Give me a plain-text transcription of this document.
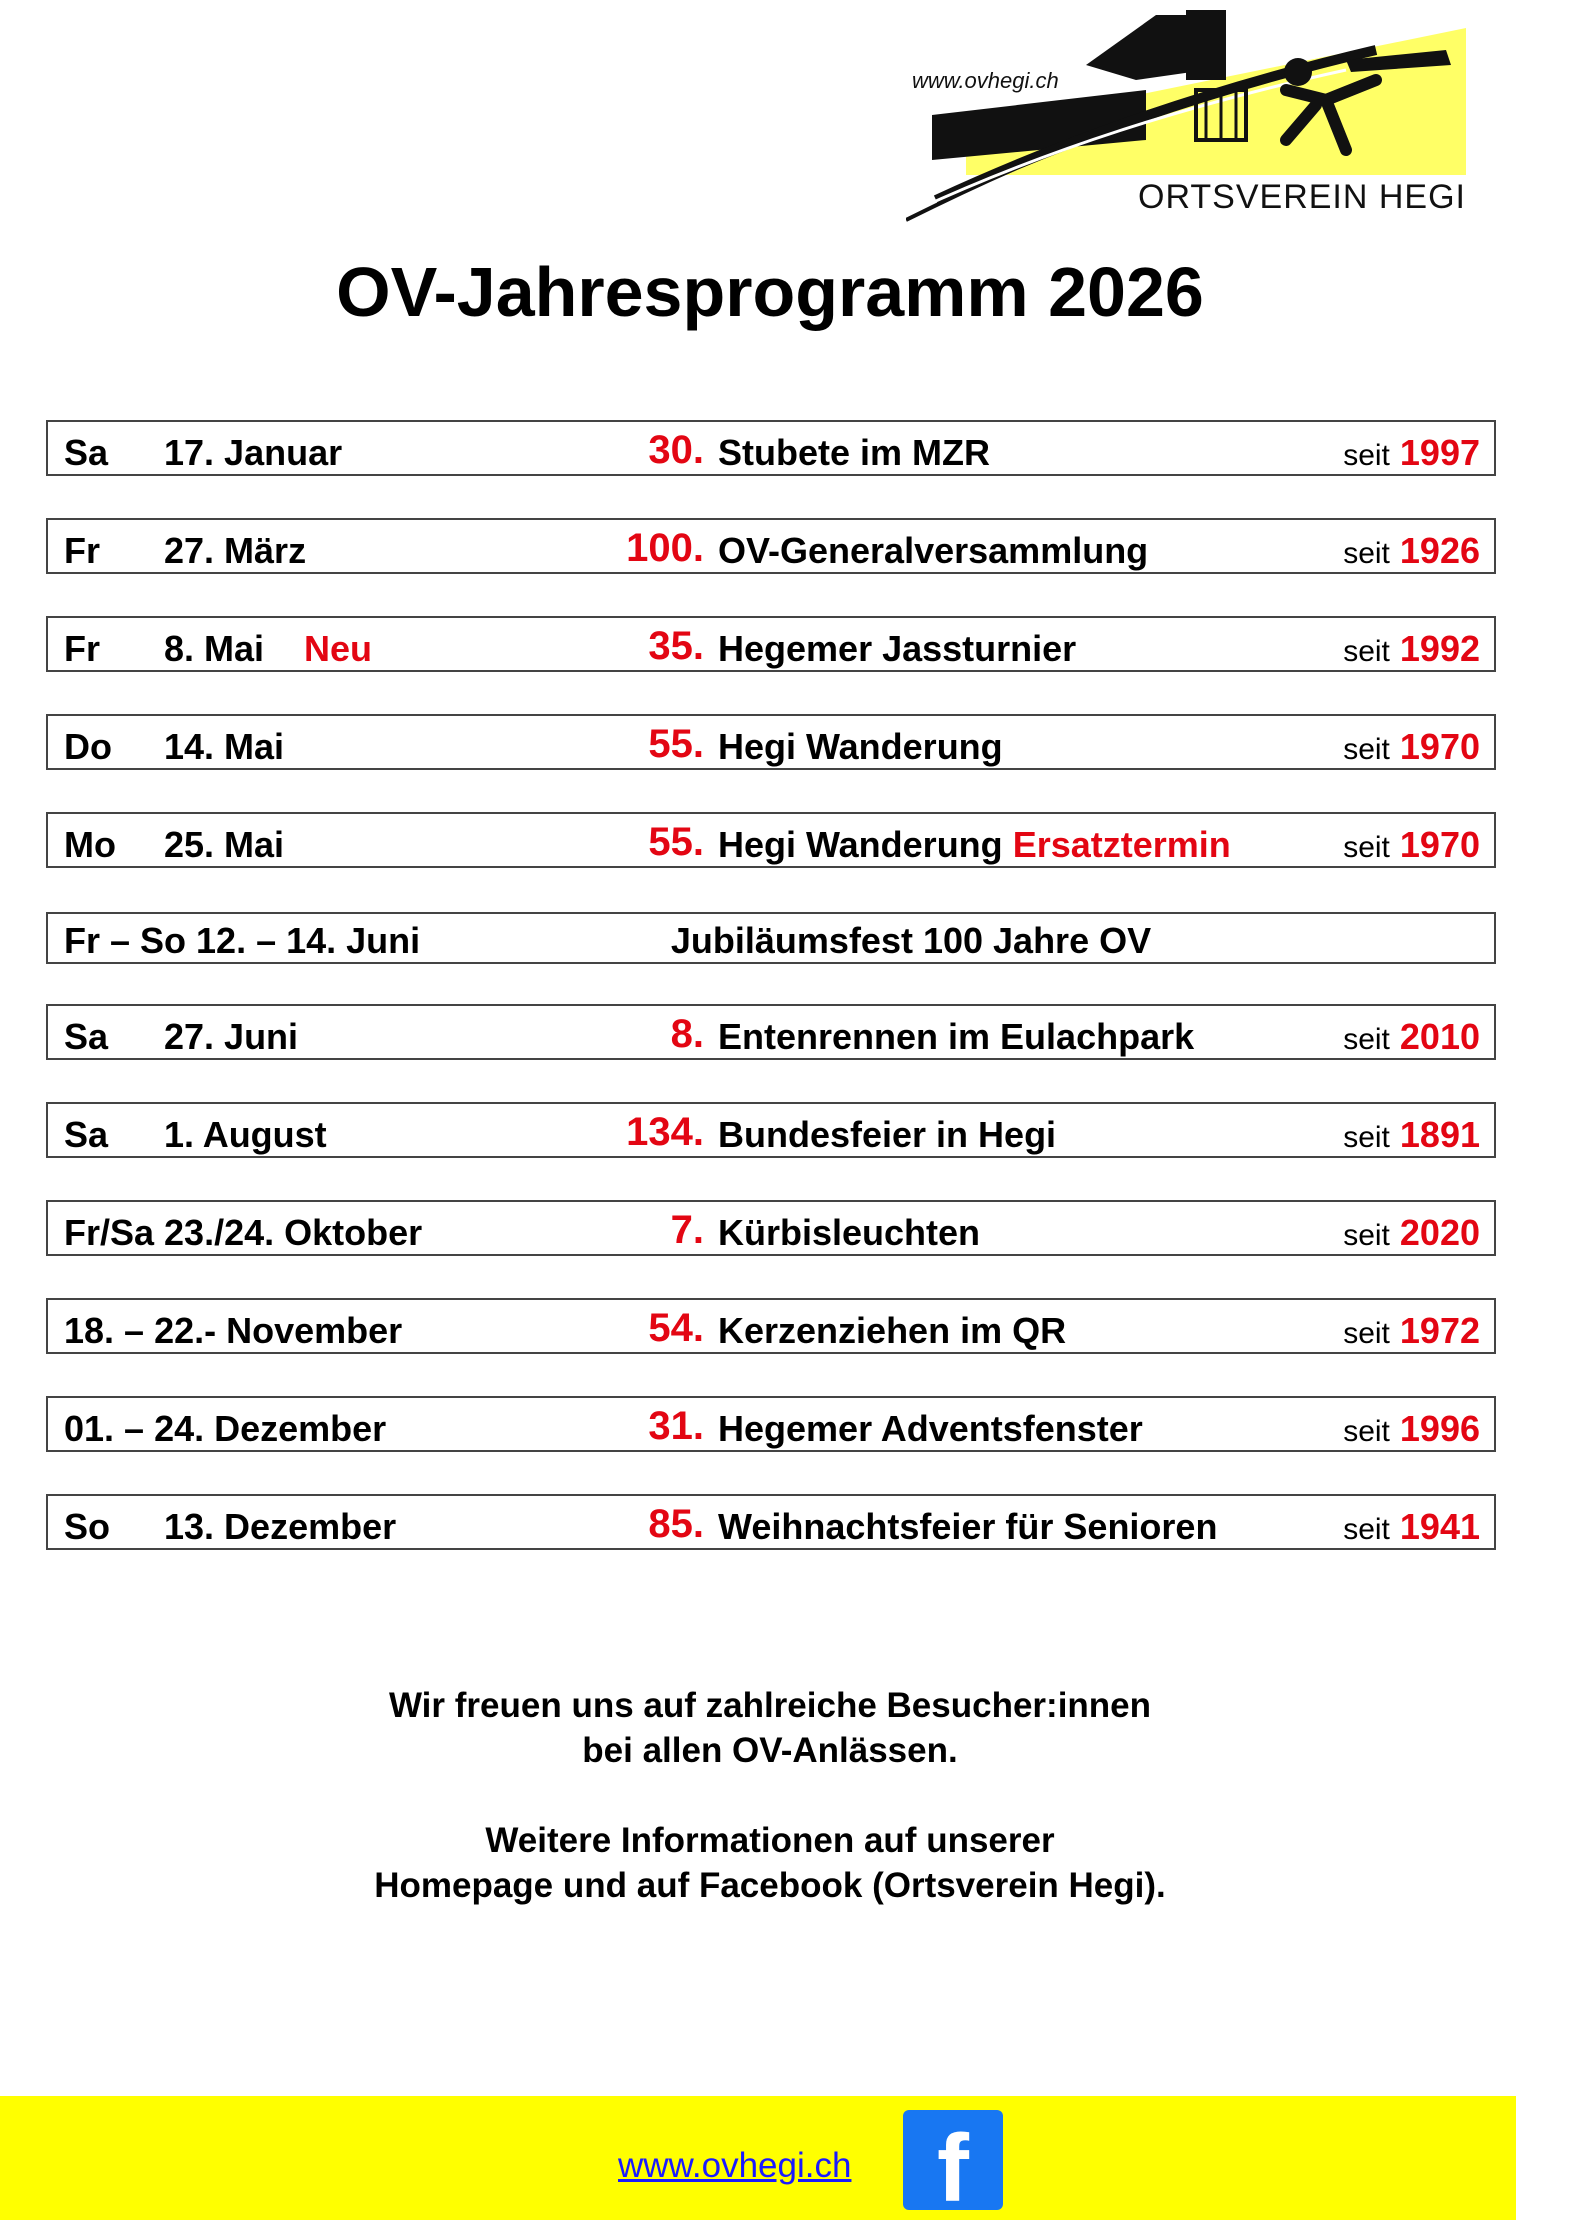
www.ovhegi.ch
ORTSVEREIN HEGI
OV-Jahresprogramm 2026
Sa 17. Januar	30. Stubete im MZR	seit 1997
Fr 27. März	100. OV-Generalversammlung	seit 1926
Fr 8. Mai Neu	35. Hegemer Jassturnier	seit 1992
Do 14. Mai	55. Hegi Wanderung	seit 1970
Mo 25. Mai	55. Hegi Wanderung Ersatztermin	seit 1970
Fr – So 12. – 14. Juni	Jubiläumsfest 100 Jahre OV
Sa 27. Juni	8. Entenrennen im Eulachpark	seit 2010
Sa 1. August	134. Bundesfeier in Hegi	seit 1891
Fr/Sa 23./24. Oktober	7. Kürbisleuchten	seit 2020
18. – 22.- November	54. Kerzenziehen im QR	seit 1972
01. – 24. Dezember	31. Hegemer Adventsfenster	seit 1996
So 13. Dezember	85. Weihnachtsfeier für Senioren	seit 1941
Wir freuen uns auf zahlreiche Besucher:innen
bei allen OV-Anlässen.
Weitere Informationen auf unserer
Homepage und auf Facebook (Ortsverein Hegi).
www.ovhegi.ch f
